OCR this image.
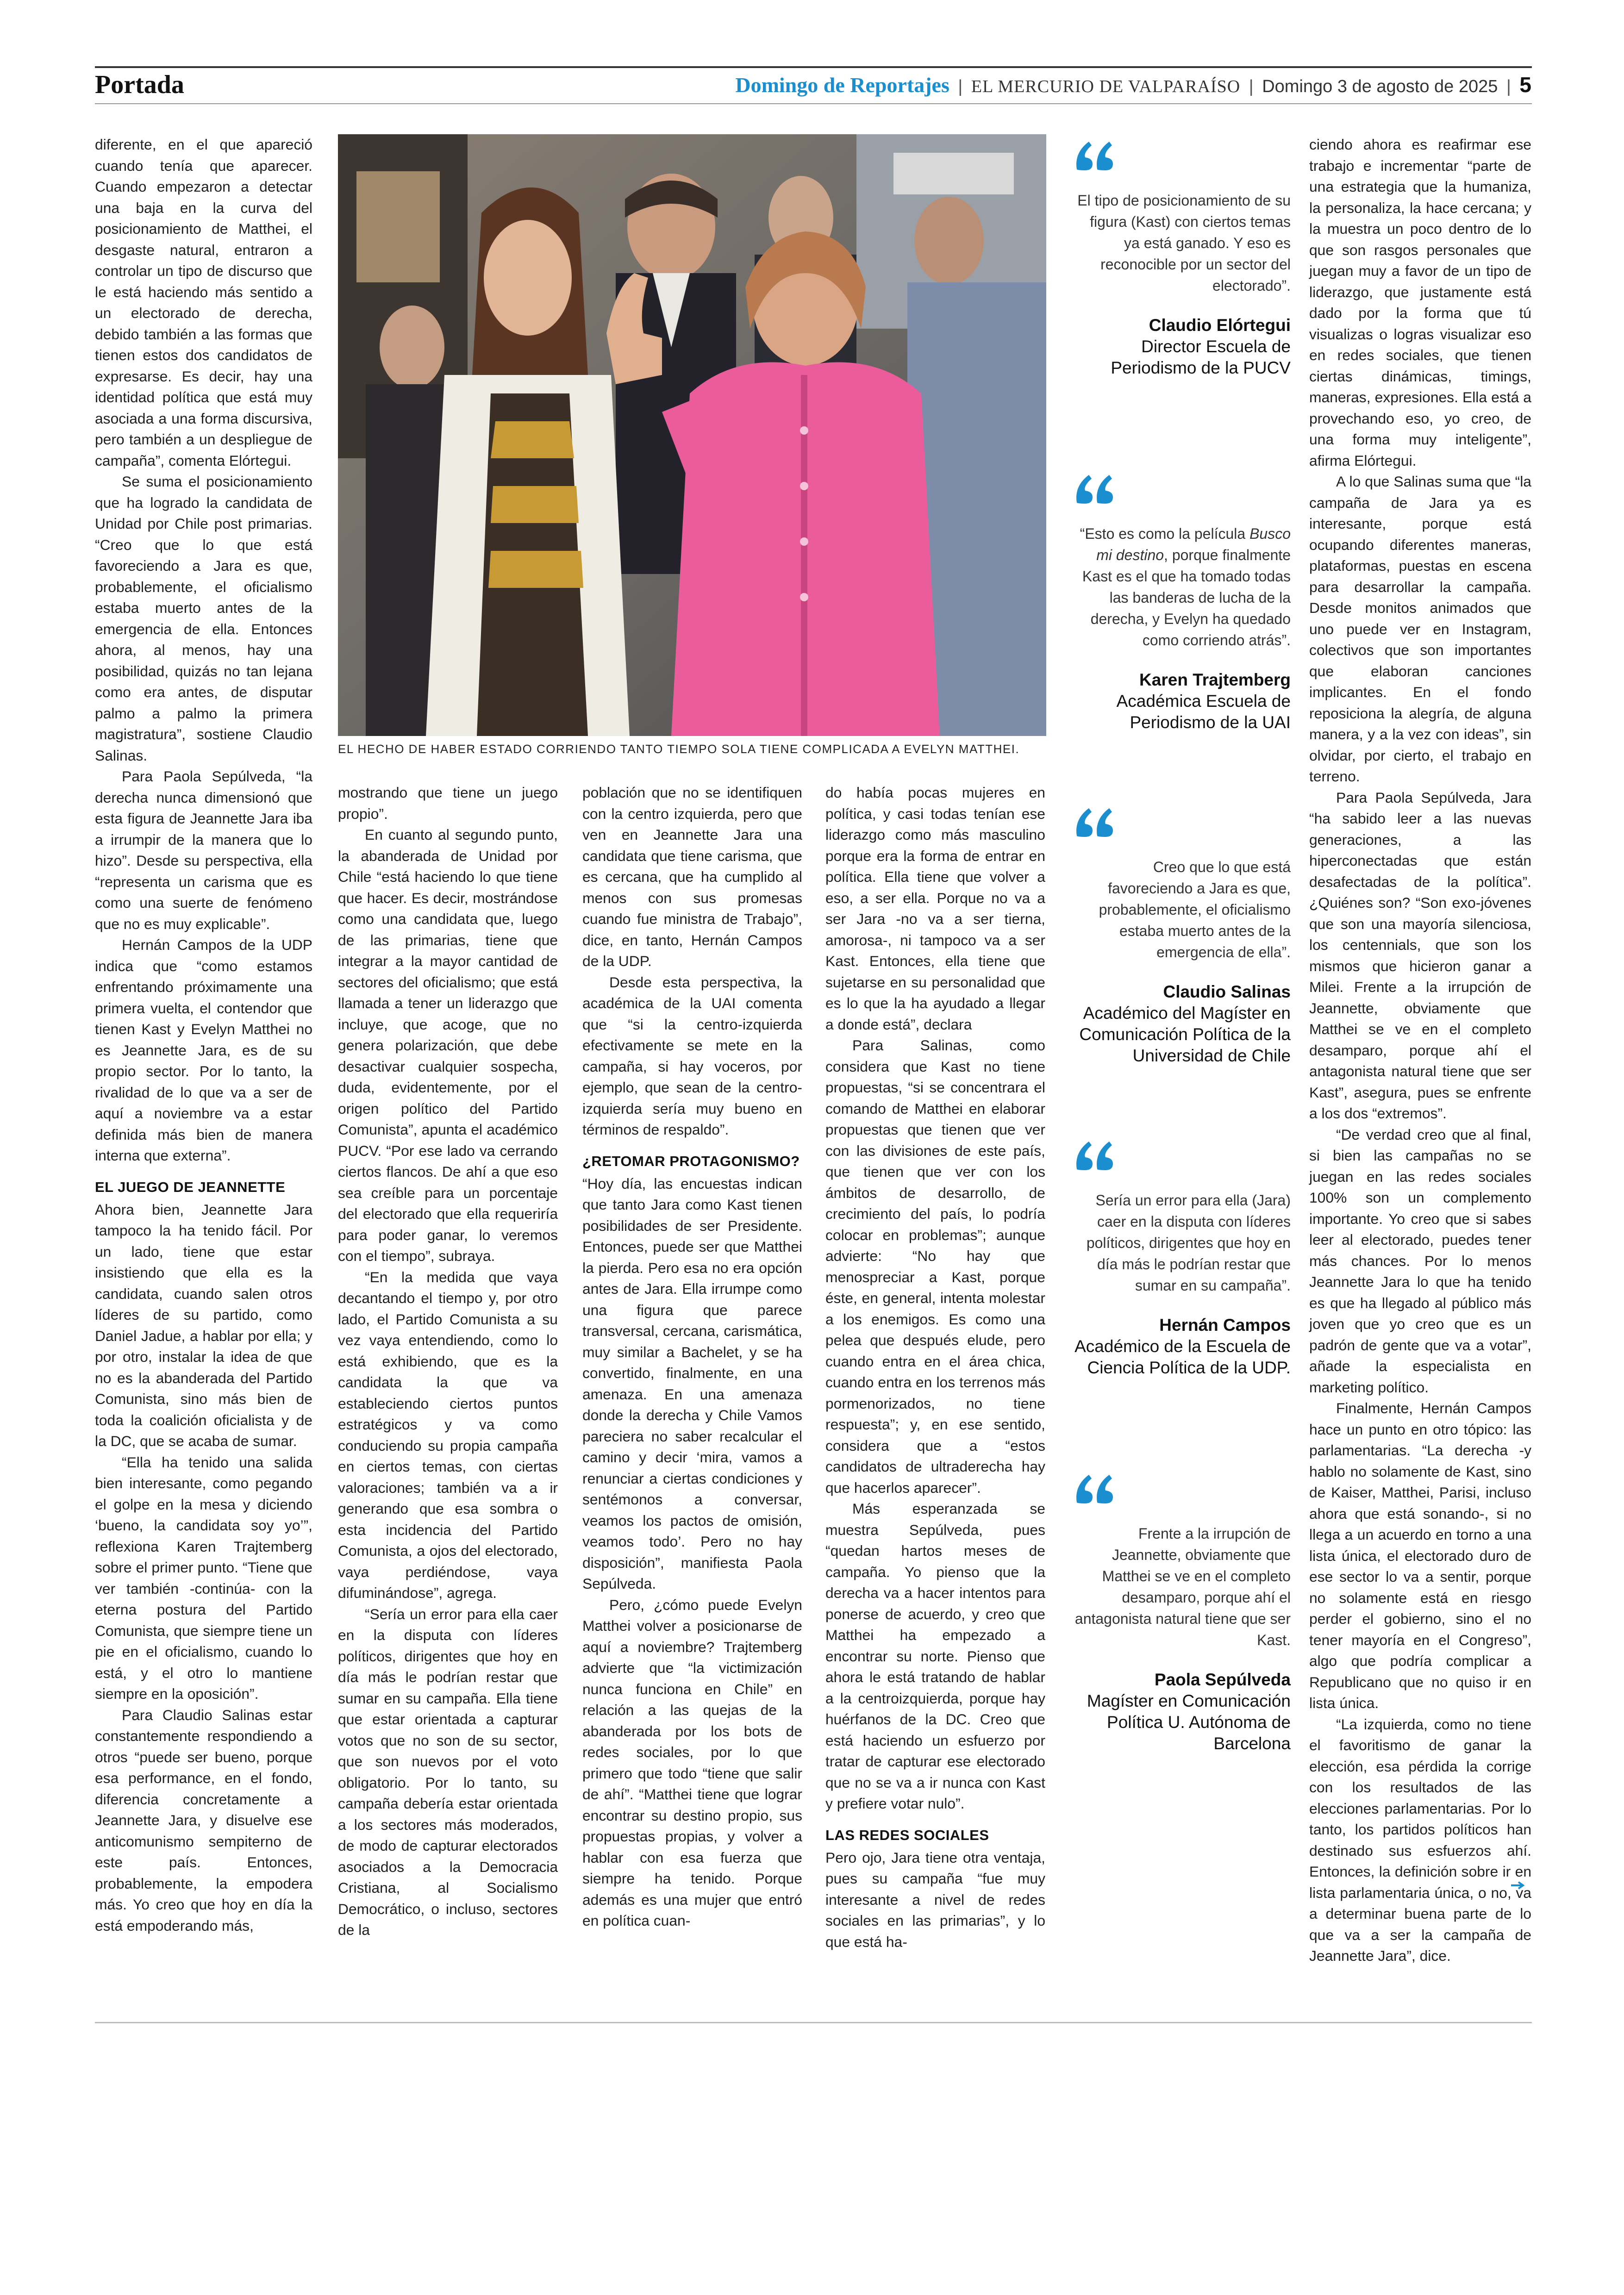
Portada	Domingo de Reportajes | EL MERCURIO DE VALPARAÍSO | Domingo 3 de agosto de 2025 | 5

diferente, en el que apareció cuando tenía que aparecer. Cuando empezaron a detectar una baja en la curva del posicionamiento de Matthei, el desgaste natural, entraron a controlar un tipo de discurso que le está haciendo más sentido a un electorado de derecha, debido también a las formas que tienen estos dos candidatos de expresarse. Es decir, hay una identidad política que está muy asociada a una forma discursiva, pero también a un despliegue de campaña”, comenta Elórtegui.

Se suma el posicionamiento que ha logrado la candidata de Unidad por Chile post primarias. “Creo que lo que está favoreciendo a Jara es que, probablemente, el oficialismo estaba muerto antes de la emergencia de ella. Entonces ahora, al menos, hay una posibilidad, quizás no tan lejana como era antes, de disputar palmo a palmo la primera magistratura”, sostiene Claudio Salinas.

Para Paola Sepúlveda, “la derecha nunca dimensionó que esta figura de Jeannette Jara iba a irrumpir de la manera que lo hizo”. Desde su perspectiva, ella “representa un carisma que es como una suerte de fenómeno que no es muy explicable”.

Hernán Campos de la UDP indica que “como estamos enfrentando próximamente una primera vuelta, el contendor que tienen Kast y Evelyn Matthei no es Jeannette Jara, es de su propio sector. Por lo tanto, la rivalidad de lo que va a ser de aquí a noviembre va a estar definida más bien de manera interna que externa”.

EL JUEGO DE JEANNETTE

Ahora bien, Jeannette Jara tampoco la ha tenido fácil. Por un lado, tiene que estar insistiendo que ella es la candidata, cuando salen otros líderes de su partido, como Daniel Jadue, a hablar por ella; y por otro, instalar la idea de que no es la abanderada del Partido Comunista, sino más bien de toda la coalición oficialista y de la DC, que se acaba de sumar.

“Ella ha tenido una salida bien interesante, como pegando el golpe en la mesa y diciendo ‘bueno, la candidata soy yo’”, reflexiona Karen Trajtemberg sobre el primer punto. “Tiene que ver también -continúa- con la eterna postura del Partido Comunista, que siempre tiene un pie en el oficialismo, cuando lo está, y el otro lo mantiene siempre en la oposición”.

Para Claudio Salinas estar constantemente respondiendo a otros “puede ser bueno, porque esa performance, en el fondo, diferencia concretamente a Jeannette Jara, y disuelve ese anticomunismo sempiterno de este país. Entonces, probablemente, la empodera más. Yo creo que hoy en día la está empoderando más,

EL HECHO DE HABER ESTADO CORRIENDO TANTO TIEMPO SOLA TIENE COMPLICADA A EVELYN MATTHEI.

mostrando que tiene un juego propio”.

En cuanto al segundo punto, la abanderada de Unidad por Chile “está haciendo lo que tiene que hacer. Es decir, mostrándose como una candidata que, luego de las primarias, tiene que integrar a la mayor cantidad de sectores del oficialismo; que está llamada a tener un liderazgo que incluye, que acoge, que no genera polarización, que debe desactivar cualquier sospecha, duda, evidentemente, por el origen político del Partido Comunista”, apunta el académico PUCV. “Por ese lado va cerrando ciertos flancos. De ahí a que eso sea creíble para un porcentaje del electorado que ella requeriría para poder ganar, lo veremos con el tiempo”, subraya.

“En la medida que vaya decantando el tiempo y, por otro lado, el Partido Comunista a su vez vaya entendiendo, como lo está exhibiendo, que es la candidata la que va estableciendo ciertos puntos estratégicos y va como conduciendo su propia campaña en ciertos temas, con ciertas valoraciones; también va a ir generando que esa sombra o esta incidencia del Partido Comunista, a ojos del electorado, vaya perdiéndose, vaya difuminándose”, agrega.

“Sería un error para ella caer en la disputa con líderes políticos, dirigentes que hoy en día más le podrían restar que sumar en su campaña. Ella tiene que estar orientada a capturar votos que no son de su sector, que son nuevos por el voto obligatorio. Por lo tanto, su campaña debería estar orientada a los sectores más moderados, de modo de capturar electorados asociados a la Democracia Cristiana, al Socialismo Democrático, o incluso, sectores de la

población que no se identifiquen con la centro izquierda, pero que ven en Jeannette Jara una candidata que tiene carisma, que es cercana, que ha cumplido al menos con sus promesas cuando fue ministra de Trabajo”, dice, en tanto, Hernán Campos de la UDP.

Desde esta perspectiva, la académica de la UAI comenta que “si la centro-izquierda efectivamente se mete en la campaña, si hay voceros, por ejemplo, que sean de la centro-izquierda sería muy bueno en términos de respaldo”.

¿RETOMAR PROTAGONISMO?

“Hoy día, las encuestas indican que tanto Jara como Kast tienen posibilidades de ser Presidente. Entonces, puede ser que Matthei la pierda. Pero esa no era opción antes de Jara. Ella irrumpe como una figura que parece transversal, cercana, carismática, muy similar a Bachelet, y se ha convertido, finalmente, en una amenaza. En una amenaza donde la derecha y Chile Vamos pareciera no saber recalcular el camino y decir ‘mira, vamos a renunciar a ciertas condiciones y sentémonos a conversar, veamos los pactos de omisión, veamos todo’. Pero no hay disposición”, manifiesta Paola Sepúlveda.

Pero, ¿cómo puede Evelyn Matthei volver a posicionarse de aquí a noviembre? Trajtemberg advierte que “la victimización nunca funciona en Chile” en relación a las quejas de la abanderada por los bots de redes sociales, por lo que primero que todo “tiene que salir de ahí”. “Matthei tiene que lograr encontrar su destino propio, sus propuestas propias, y volver a hablar con esa fuerza que siempre ha tenido. Porque además es una mujer que entró en política cuan-

do había pocas mujeres en política, y casi todas tenían ese liderazgo como más masculino porque era la forma de entrar en política. Ella tiene que volver a eso, a ser ella. Porque no va a ser Jara -no va a ser tierna, amorosa-, ni tampoco va a ser Kast. Entonces, ella tiene que sujetarse en su personalidad que es lo que la ha ayudado a llegar a donde está”, declara

Para Salinas, como considera que Kast no tiene propuestas, “si se concentrara el comando de Matthei en elaborar propuestas que tienen que ver con las divisiones de este país, que tienen que ver con los ámbitos de desarrollo, de crecimiento del país, lo podría colocar en problemas”; aunque advierte: “No hay que menospreciar a Kast, porque éste, en general, intenta molestar a los enemigos. Es como una pelea que después elude, pero cuando entra en el área chica, cuando entra en los terrenos más pormenorizados, no tiene respuesta”; y, en ese sentido, considera que a “estos candidatos de ultraderecha hay que hacerlos aparecer”.

Más esperanzada se muestra Sepúlveda, pues “quedan hartos meses de campaña. Yo pienso que la derecha va a hacer intentos para ponerse de acuerdo, y creo que Matthei ha empezado a encontrar su norte. Pienso que ahora le está tratando de hablar a la centroizquierda, porque hay huérfanos de la DC. Creo que está haciendo un esfuerzo por tratar de capturar ese electorado que no se va a ir nunca con Kast y prefiere votar nulo”.

LAS REDES SOCIALES

Pero ojo, Jara tiene otra ventaja, pues su campaña “fue muy interesante a nivel de redes sociales en las primarias”, y lo que está ha-

El tipo de posicionamiento de su figura (Kast) con ciertos temas ya está ganado. Y eso es reconocible por un sector del electorado”.
Claudio Elórtegui
Director Escuela de Periodismo de la PUCV
“Esto es como la película Busco mi destino, porque finalmente Kast es el que ha tomado todas las banderas de lucha de la derecha, y Evelyn ha quedado como corriendo atrás”.
Karen Trajtemberg
Académica Escuela de Periodismo de la UAI
Creo que lo que está favoreciendo a Jara es que, probablemente, el oficialismo estaba muerto antes de la emergencia de ella”.
Claudio Salinas
Académico del Magíster en Comunicación Política de la Universidad de Chile
Sería un error para ella (Jara) caer en la disputa con líderes políticos, dirigentes que hoy en día más le podrían restar que sumar en su campaña”.
Hernán Campos
Académico de la Escuela de Ciencia Política de la UDP.
Frente a la irrupción de Jeannette, obviamente que Matthei se ve en el completo desamparo, porque ahí el antagonista natural tiene que ser Kast.
Paola Sepúlveda
Magíster en Comunicación Política U. Autónoma de Barcelona

ciendo ahora es reafirmar ese trabajo e incrementar “parte de una estrategia que la humaniza, la personaliza, la hace cercana; y la muestra un poco dentro de lo que son rasgos personales que juegan muy a favor de un tipo de liderazgo, que justamente está dado por la forma que tú visualizas o logras visualizar eso en redes sociales, que tienen ciertas dinámicas, timings, maneras, expresiones. Ella está a provechando eso, yo creo, de una forma muy inteligente”, afirma Elórtegui.

A lo que Salinas suma que “la campaña de Jara ya es interesante, porque está ocupando diferentes maneras, plataformas, puestas en escena para desarrollar la campaña. Desde monitos animados que uno puede ver en Instagram, colectivos que son importantes que elaboran canciones implicantes. En el fondo reposiciona la alegría, de alguna manera, y a la vez con ideas”, sin olvidar, por cierto, el trabajo en terreno.

Para Paola Sepúlveda, Jara “ha sabido leer a las nuevas generaciones, a las hiperconectadas que están desafectadas de la política”. ¿Quiénes son? “Son exo-jóvenes que son una mayoría silenciosa, los centennials, que son los mismos que hicieron ganar a Milei. Frente a la irrupción de Jeannette, obviamente que Matthei se ve en el completo desamparo, porque ahí el antagonista natural tiene que ser Kast”, asegura, pues se enfrente a los dos “extremos”.

“De verdad creo que al final, si bien las campañas no se juegan en las redes sociales 100% son un complemento importante. Yo creo que si sabes leer al electorado, puedes tener más chances. Por lo menos Jeannette Jara lo que ha tenido es que ha llegado al público más joven que yo creo que es un padrón de gente que va a votar”, añade la especialista en marketing político.

Finalmente, Hernán Campos hace un punto en otro tópico: las parlamentarias. “La derecha -y hablo no solamente de Kast, sino de Kaiser, Matthei, Parisi, incluso ahora que está sonando-, si no llega a un acuerdo en torno a una lista única, el electorado duro de ese sector lo va a sentir, porque no solamente está en riesgo perder el gobierno, sino el no tener mayoría en el Congreso”, algo que podría complicar a Republicano que no quiso ir en lista única.

“La izquierda, como no tiene el favoritismo de ganar la elección, esa pérdida la corrige con los resultados de las elecciones parlamentarias. Por lo tanto, los partidos políticos han destinado sus esfuerzos ahí. Entonces, la definición sobre ir en lista parlamentaria única, o no, va a determinar buena parte de lo que va a ser la campaña de Jeannette Jara”, dice.
